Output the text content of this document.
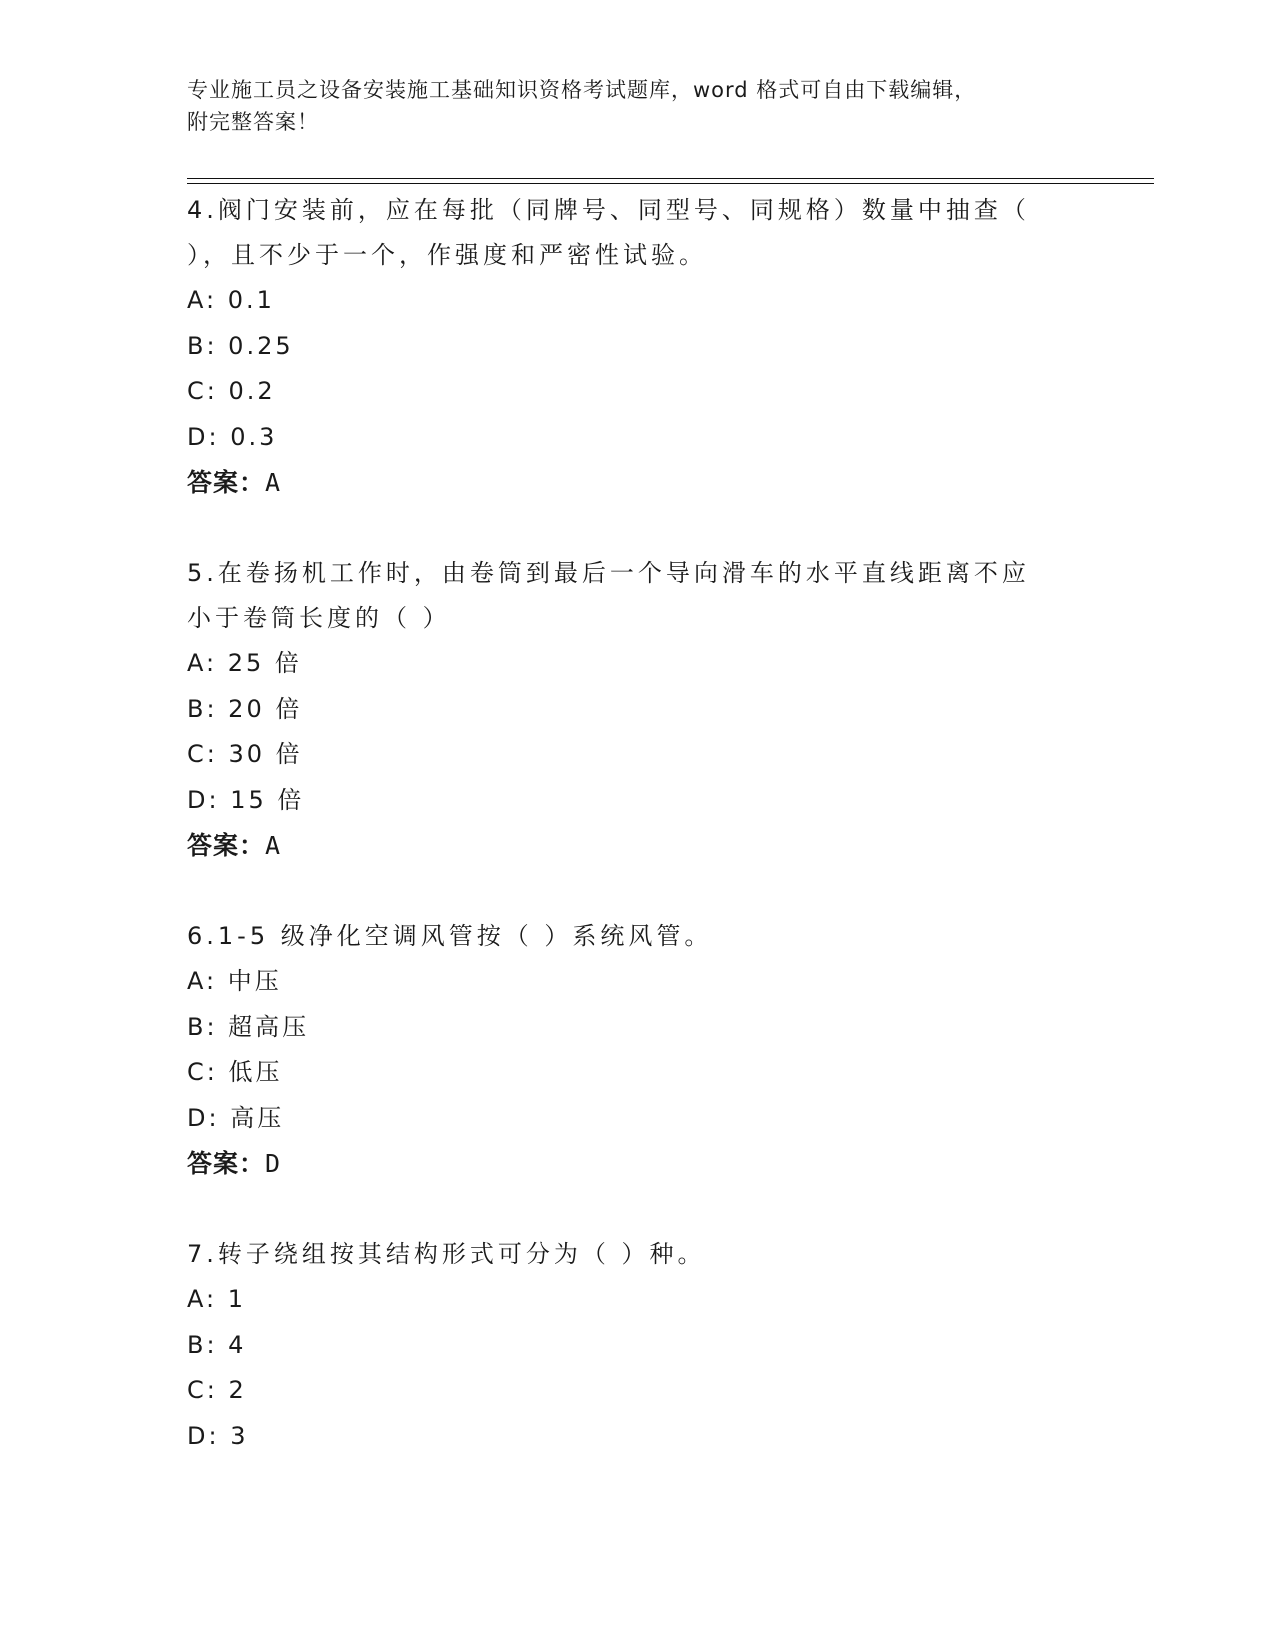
专业施工员之设备安装施工基础知识资格考试题库，word 格式可自由下载编辑，
附完整答案！

4.阀门安装前，应在每批（同牌号、同型号、同规格）数量中抽查（

），且不少于一个，作强度和严密性试验。

A: 0.1
B: 0.25
C: 0.2
D: 0.3
答案：A

5.在卷扬机工作时，由卷筒到最后一个导向滑车的水平直线距离不应

小于卷筒长度的（ ）

A: 25 倍
B: 20 倍
C: 30 倍
D: 15 倍
答案：A

6.1-5 级净化空调风管按（ ）系统风管。

A: 中压
B: 超高压
C: 低压
D: 高压
答案：D

7.转子绕组按其结构形式可分为（ ）种。

A: 1
B: 4
C: 2
D: 3
